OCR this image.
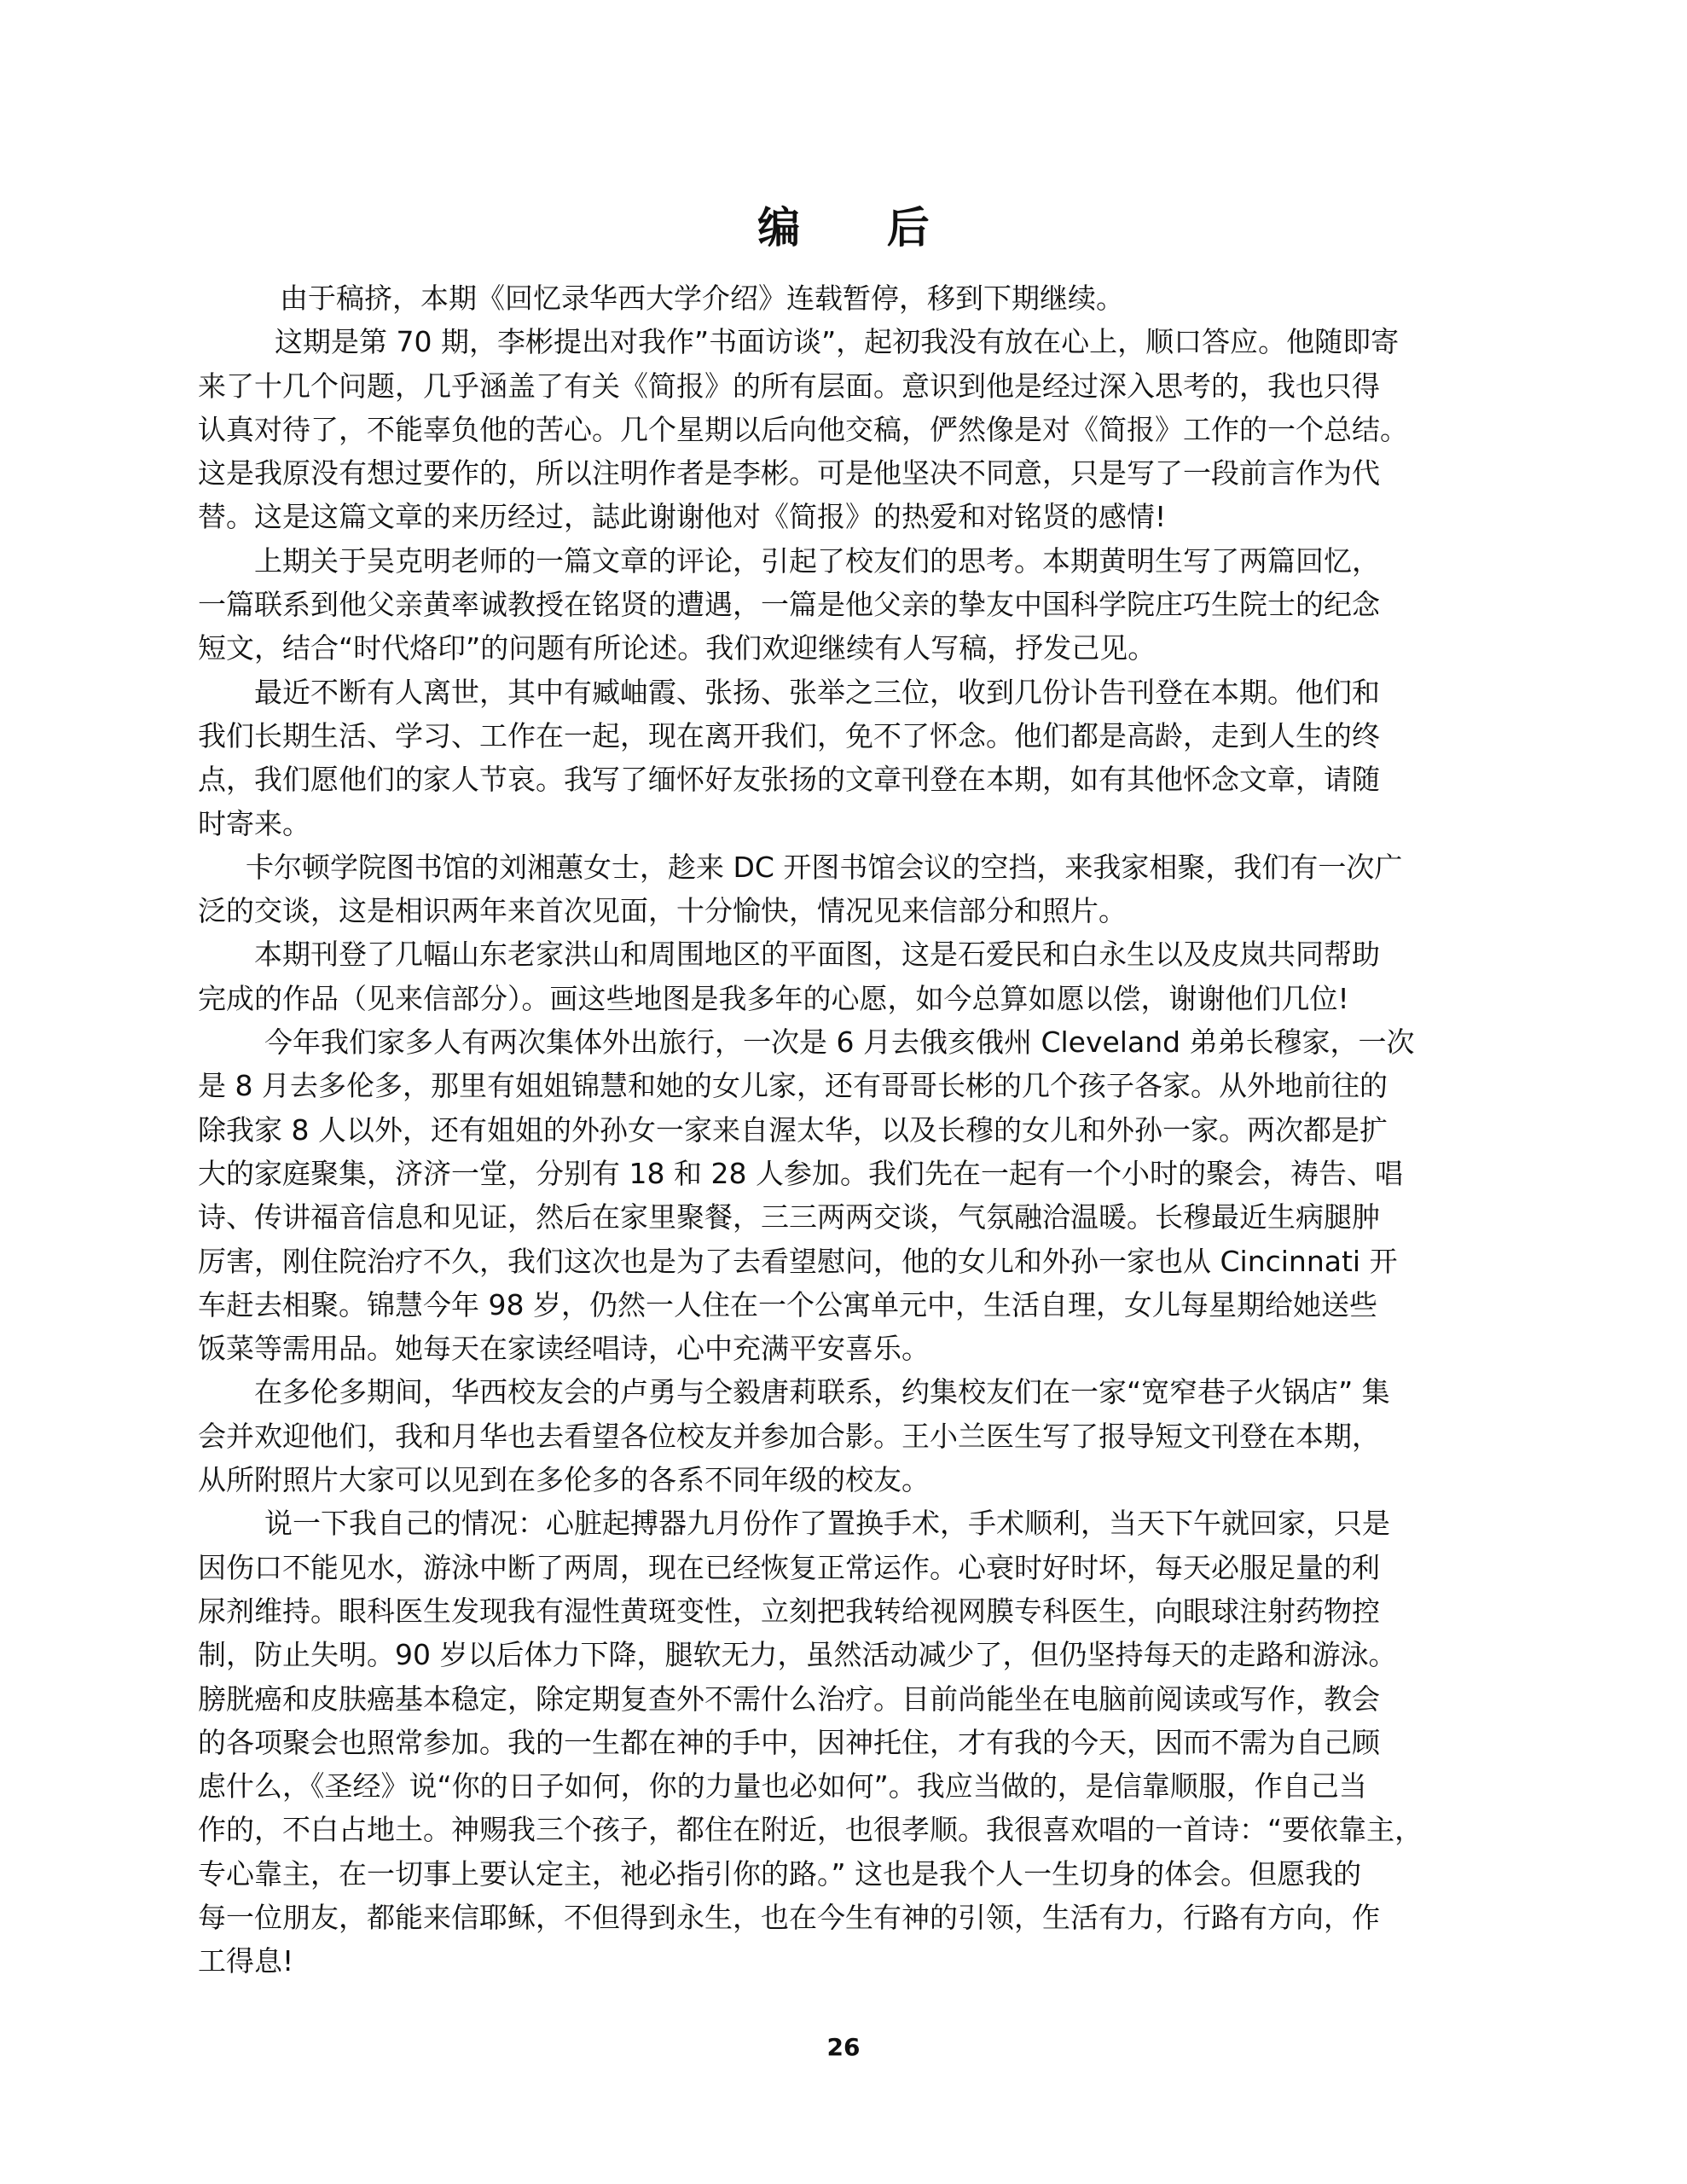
编 后

由于稿挤，本期《回忆录华西大学介绍》连载暂停，移到下期继续。

这期是第 70 期，李彬提出对我作”书面访谈”，起初我没有放在心上，顺口答应。他随即寄

来了十几个问题，几乎涵盖了有关《简报》的所有层面。意识到他是经过深入思考的，我也只得

认真对待了，不能辜负他的苦心。几个星期以后向他交稿，俨然像是对《简报》工作的一个总结。

这是我原没有想过要作的，所以注明作者是李彬。可是他坚决不同意，只是写了一段前言作为代

替。这是这篇文章的来历经过，誌此谢谢他对《简报》的热爱和对铭贤的感情!

上期关于吴克明老师的一篇文章的评论，引起了校友们的思考。本期黄明生写了两篇回忆，

一篇联系到他父亲黄率诚教授在铭贤的遭遇，一篇是他父亲的挚友中国科学院庄巧生院士的纪念

短文，结合“时代烙印”的问题有所论述。我们欢迎继续有人写稿，抒发己见。

最近不断有人离世，其中有臧岫霞、张扬、张举之三位，收到几份讣告刊登在本期。他们和

我们长期生活、学习、工作在一起，现在离开我们，免不了怀念。他们都是高龄，走到人生的终

点，我们愿他们的家人节哀。我写了缅怀好友张扬的文章刊登在本期，如有其他怀念文章，请随

时寄来。

卡尔顿学院图书馆的刘湘蕙女士，趁来 DC 开图书馆会议的空挡，来我家相聚，我们有一次广

泛的交谈，这是相识两年来首次见面，十分愉快，情况见来信部分和照片。

本期刊登了几幅山东老家洪山和周围地区的平面图，这是石爱民和白永生以及皮岚共同帮助

完成的作品（见来信部分）。画这些地图是我多年的心愿，如今总算如愿以偿，谢谢他们几位!

今年我们家多人有两次集体外出旅行，一次是 6 月去俄亥俄州 Cleveland 弟弟长穆家，一次

是 8 月去多伦多，那里有姐姐锦慧和她的女儿家，还有哥哥长彬的几个孩子各家。从外地前往的

除我家 8 人以外，还有姐姐的外孙女一家来自渥太华，以及长穆的女儿和外孙一家。两次都是扩

大的家庭聚集，济济一堂，分别有 18 和 28 人参加。我们先在一起有一个小时的聚会，祷告、唱

诗、传讲福音信息和见证，然后在家里聚餐，三三两两交谈，气氛融洽温暖。长穆最近生病腿肿

厉害，刚住院治疗不久，我们这次也是为了去看望慰问，他的女儿和外孙一家也从 Cincinnati 开

车赶去相聚。锦慧今年 98 岁，仍然一人住在一个公寓单元中，生活自理，女儿每星期给她送些

饭菜等需用品。她每天在家读经唱诗，心中充满平安喜乐。

在多伦多期间，华西校友会的卢勇与仝毅唐莉联系，约集校友们在一家“宽窄巷子火锅店” 集

会并欢迎他们，我和月华也去看望各位校友并参加合影。王小兰医生写了报导短文刊登在本期，

从所附照片大家可以见到在多伦多的各系不同年级的校友。

说一下我自己的情况：心脏起搏器九月份作了置换手术，手术顺利，当天下午就回家，只是

因伤口不能见水，游泳中断了两周，现在已经恢复正常运作。心衰时好时坏，每天必服足量的利

尿剂维持。眼科医生发现我有湿性黄斑变性，立刻把我转给视网膜专科医生，向眼球注射药物控

制，防止失明。90 岁以后体力下降，腿软无力，虽然活动减少了，但仍坚持每天的走路和游泳。

膀胱癌和皮肤癌基本稳定，除定期复查外不需什么治疗。目前尚能坐在电脑前阅读或写作，教会

的各项聚会也照常参加。我的一生都在神的手中，因神托住，才有我的今天，因而不需为自己顾

虑什么，《圣经》说“你的日子如何，你的力量也必如何”。我应当做的，是信靠顺服，作自己当

作的，不白占地土。神赐我三个孩子，都住在附近，也很孝顺。我很喜欢唱的一首诗：“要依靠主，

专心靠主，在一切事上要认定主，祂必指引你的路。” 这也是我个人一生切身的体会。但愿我的

每一位朋友，都能来信耶稣，不但得到永生，也在今生有神的引领，生活有力，行路有方向，作

工得息!

26
